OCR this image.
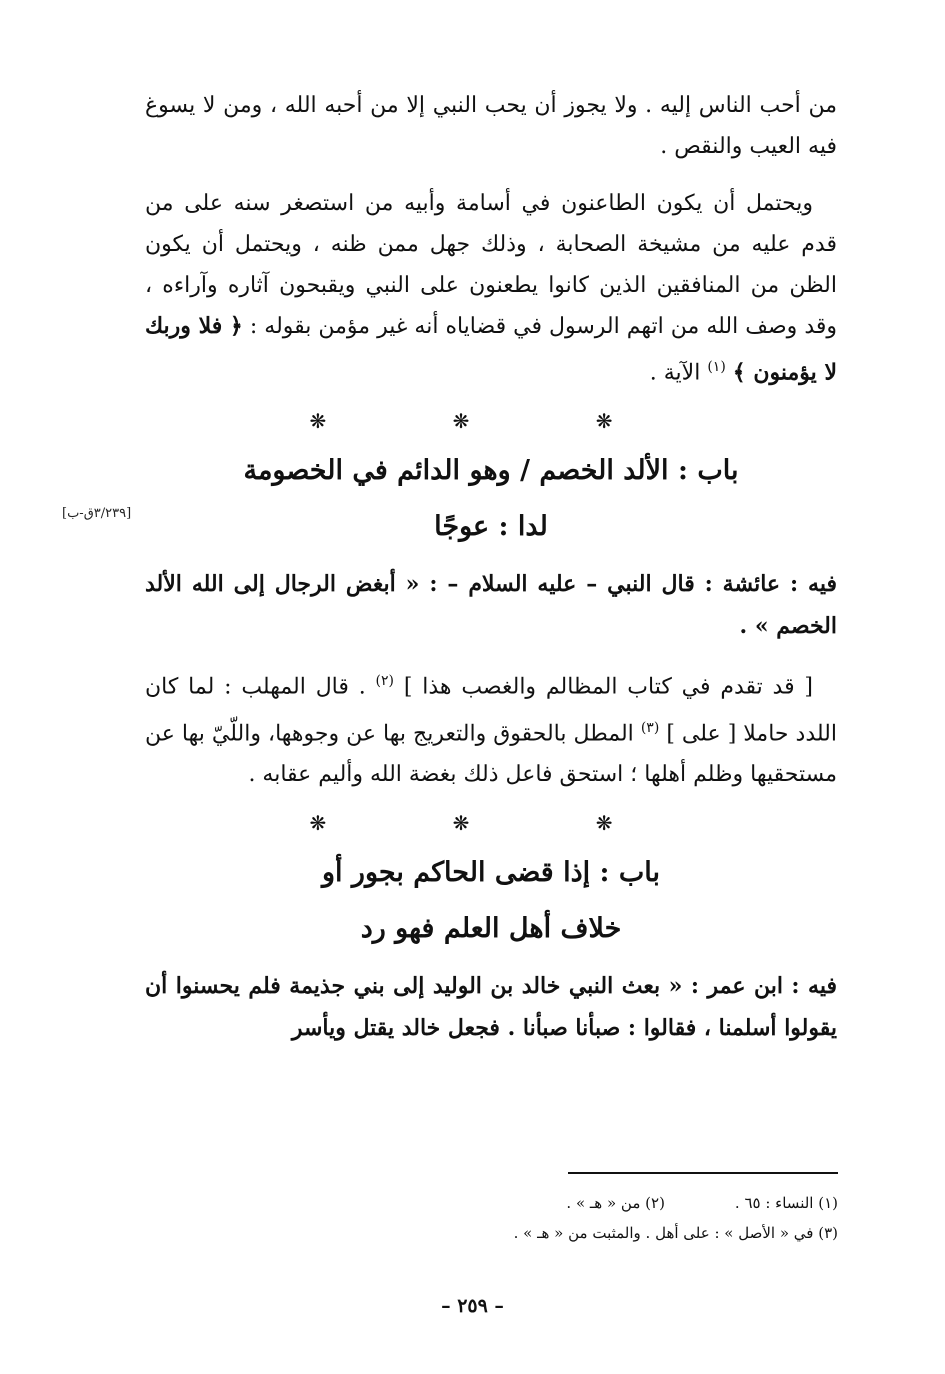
من أحب الناس إليه . ولا يجوز أن يحب النبي إلا من أحبه الله ، ومن لا يسوغ فيه العيب والنقص .

ويحتمل أن يكون الطاعنون في أسامة وأبيه من استصغر سنه على من قدم عليه من مشيخة الصحابة ، وذلك جهل ممن ظنه ، ويحتمل أن يكون الظن من المنافقين الذين كانوا يطعنون على النبي ويقبحون آثاره وآراءه ، وقد وصف الله من اتهم الرسول في قضاياه أنه غير مؤمن بقوله : ﴿ فلا وربك لا يؤمنون ﴾ $^{(١)}$ الآية .

❋ ❋ ❋
باب : الألد الخصم / وهو الدائم في الخصومة
لدا : عوجًا

فيه : عائشة : قال النبي – عليه السلام – : « أبغض الرجال إلى الله الألد الخصم » .

[ قد تقدم في كتاب المظالم والغصب هذا ] $^{(٢)}$ . قال المهلب : لما كان اللدد حاملا [ على ] $^{(٣)}$ المطل بالحقوق والتعريج بها عن وجوهها، واللّيّ بها عن مستحقيها وظلم أهلها ؛ استحق فاعل ذلك بغضة الله وأليم عقابه .

❋ ❋ ❋
باب : إذا قضى الحاكم بجور أو
خلاف أهل العلم فهو رد

فيه : ابن عمر : « بعث النبي خالد بن الوليد إلى بني جذيمة فلم يحسنوا أن يقولوا أسلمنا ، فقالوا : صبأنا صبأنا . فجعل خالد يقتل ويأسر

[٣/٢٣٩ق-ب]
(١) النساء : ٦٥ .
(٢) من « هـ » .
(٣) في « الأصل » : على أهل . والمثبت من « هـ » .
– ٢٥٩ –
